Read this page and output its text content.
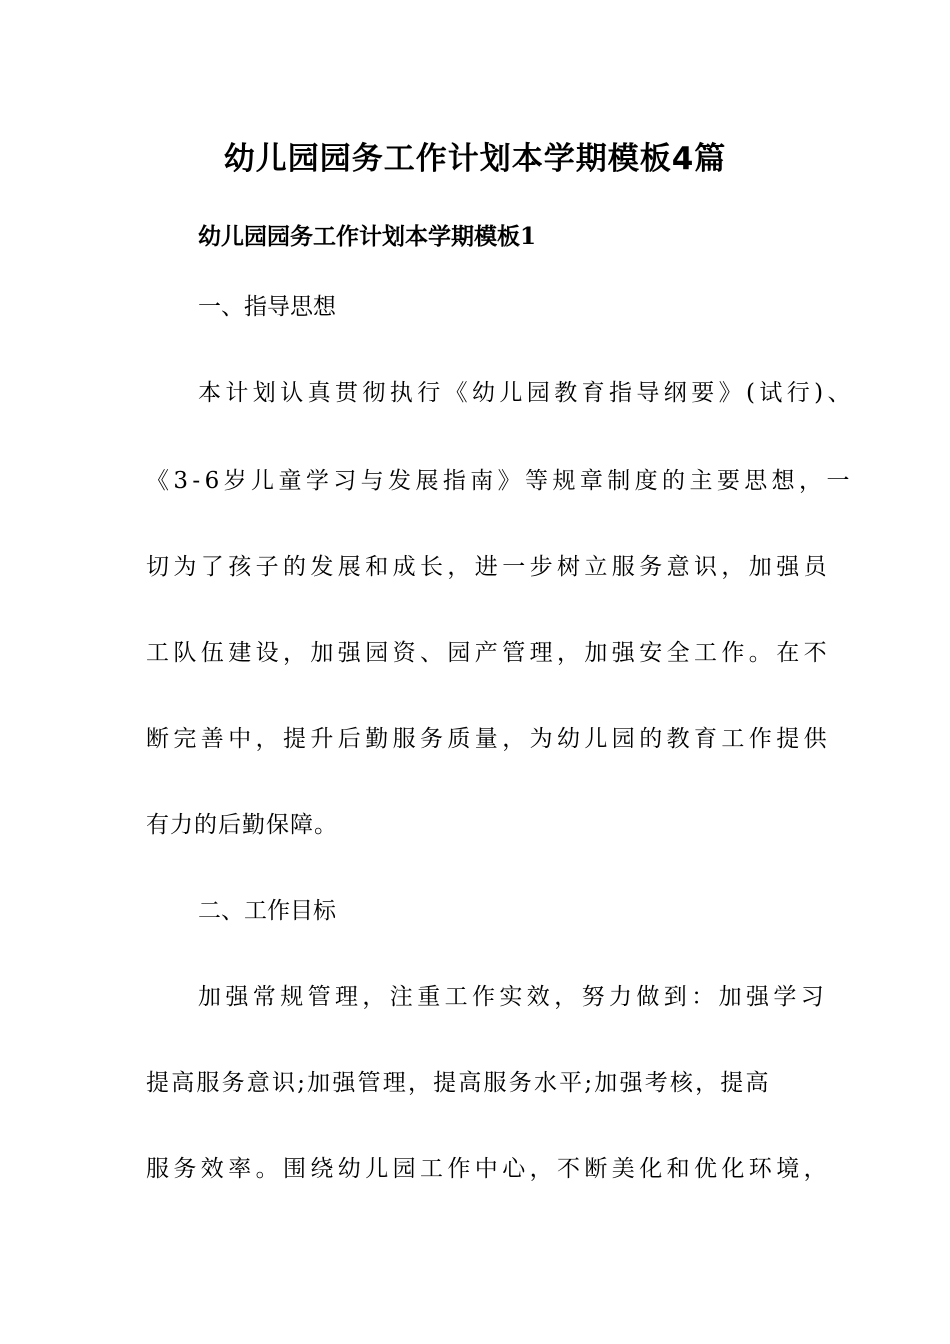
幼儿园园务工作计划本学期模板4篇

幼儿园园务工作计划本学期模板1

一、指导思想

本计划认真贯彻执行《幼儿园教育指导纲要》(试行)、

《3-6岁儿童学习与发展指南》等规章制度的主要思想，一

切为了孩子的发展和成长，进一步树立服务意识，加强员

工队伍建设，加强园资、园产管理，加强安全工作。在不

断完善中，提升后勤服务质量，为幼儿园的教育工作提供

有力的后勤保障。

二、工作目标

加强常规管理，注重工作实效，努力做到：加强学习

提高服务意识;加强管理，提高服务水平;加强考核，提高

服务效率。围绕幼儿园工作中心，不断美化和优化环境，
